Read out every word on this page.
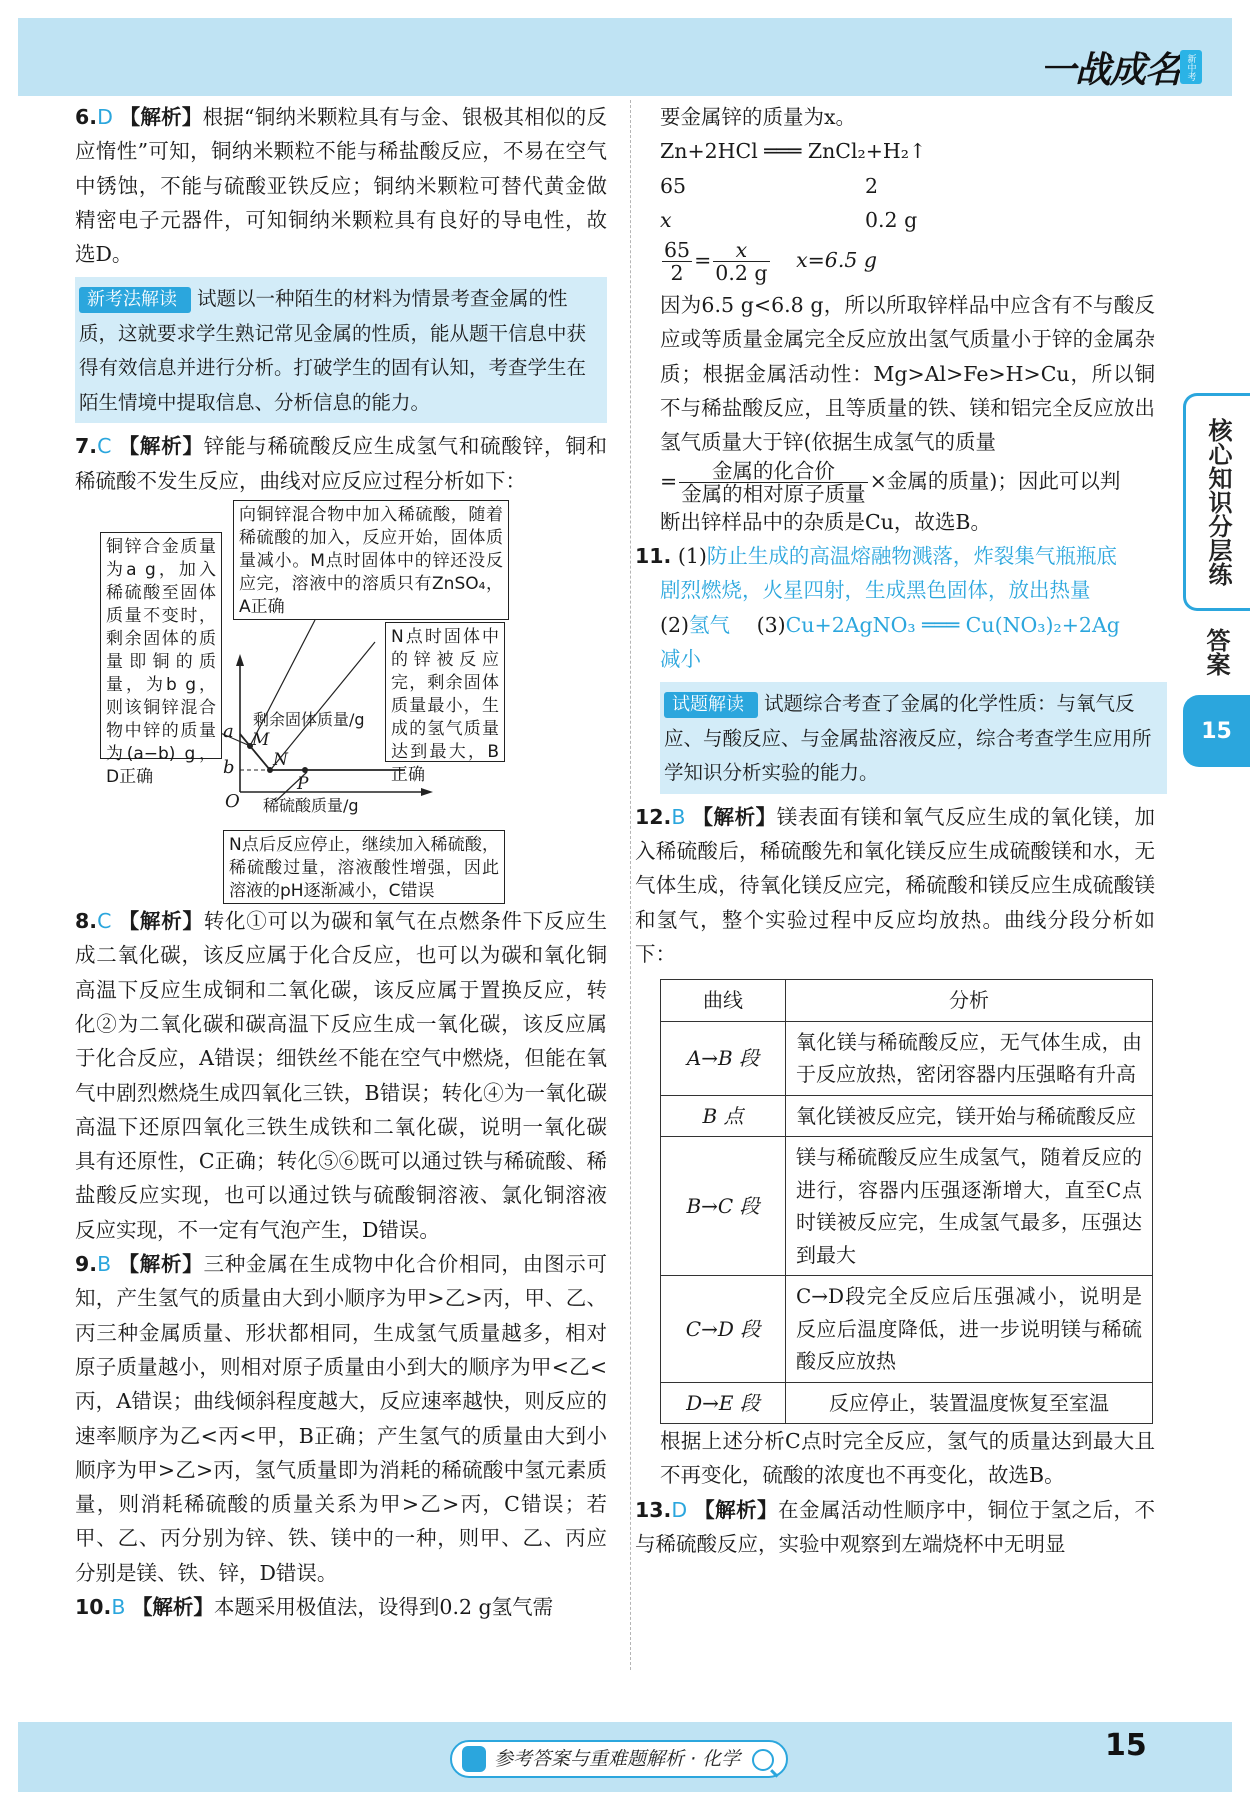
一战成名 新中考
6.D 【解析】根据“铜纳米颗粒具有与金、银极其相似的反应惰性”可知，铜纳米颗粒不能与稀盐酸反应，不易在空气中锈蚀，不能与硫酸亚铁反应；铜纳米颗粒可替代黄金做精密电子元器件，可知铜纳米颗粒具有良好的导电性，故选D。
新考法解读 试题以一种陌生的材料为情景考查金属的性质，这就要求学生熟记常见金属的性质，能从题干信息中获得有效信息并进行分析。打破学生的固有认知，考查学生在陌生情境中提取信息、分析信息的能力。
7.C 【解析】锌能与稀硫酸反应生成氢气和硫酸锌，铜和稀硫酸不发生反应，曲线对应反应过程分析如下：
a
b
O
M
N
P
剩余固体质量/g
稀硫酸质量/g
铜锌合金质量为a g，加入稀硫酸至固体质量不变时，剩余固体的质量即铜的质量，为b g，则该铜锌混合物中锌的质量为(a−b) g，D正确
向铜锌混合物中加入稀硫酸，随着稀硫酸的加入，反应开始，固体质量减小。M点时固体中的锌还没反应完，溶液中的溶质只有ZnSO₄，A正确
N点时固体中的锌被反应完，剩余固体质量最小，生成的氢气质量达到最大，B正确
N点后反应停止，继续加入稀硫酸，稀硫酸过量，溶液酸性增强，因此溶液的pH逐渐减小，C错误
8.C 【解析】转化①可以为碳和氧气在点燃条件下反应生成二氧化碳，该反应属于化合反应，也可以为碳和氧化铜高温下反应生成铜和二氧化碳，该反应属于置换反应，转化②为二氧化碳和碳高温下反应生成一氧化碳，该反应属于化合反应，A错误；细铁丝不能在空气中燃烧，但能在氧气中剧烈燃烧生成四氧化三铁，B错误；转化④为一氧化碳高温下还原四氧化三铁生成铁和二氧化碳，说明一氧化碳具有还原性，C正确；转化⑤⑥既可以通过铁与稀硫酸、稀盐酸反应实现，也可以通过铁与硫酸铜溶液、氯化铜溶液反应实现，不一定有气泡产生，D错误。
9.B 【解析】三种金属在生成物中化合价相同，由图示可知，产生氢气的质量由大到小顺序为甲>乙>丙，甲、乙、丙三种金属质量、形状都相同，生成氢气质量越多，相对原子质量越小，则相对原子质量由小到大的顺序为甲<乙<丙，A错误；曲线倾斜程度越大，反应速率越快，则反应的速率顺序为乙<丙<甲，B正确；产生氢气的质量由大到小顺序为甲>乙>丙，氢气质量即为消耗的稀硫酸中氢元素质量，则消耗稀硫酸的质量关系为甲>乙>丙，C错误；若甲、乙、丙分别为锌、铁、镁中的一种，则甲、乙、丙应分别是镁、铁、锌，D错误。
10.B 【解析】本题采用极值法，设得到0.2 g氢气需
要金属锌的质量为x。
Zn+2HCl ═══ ZnCl₂+H₂↑
65	2
x	0.2 g
$\frac{65}{2} = \frac{x}{0.2 g} x=6.5$ g
因为6.5 g<6.8 g，所以所取锌样品中应含有不与酸反应或等质量金属完全反应放出氢气质量小于锌的金属杂质；根据金属活动性：Mg>Al>Fe>H>Cu，所以铜不与稀盐酸反应，且等质量的铁、镁和铝完全反应放出氢气质量大于锌(依据生成氢气的质量
= $\frac{\text{金属的化合价}}{\text{金属的相对原子质量}}$ ×金属的质量)；因此可以判
断出锌样品中的杂质是Cu，故选B。
11. (1)防止生成的高温熔融物溅落，炸裂集气瓶瓶底
剧烈燃烧，火星四射，生成黑色固体，放出热量
(2)氢气 (3)Cu+2AgNO₃ ═══ Cu(NO₃)₂+2Ag
减小
试题解读 试题综合考查了金属的化学性质：与氧气反应、与酸反应、与金属盐溶液反应，综合考查学生应用所学知识分析实验的能力。
12.B 【解析】镁表面有镁和氧气反应生成的氧化镁，加入稀硫酸后，稀硫酸先和氧化镁反应生成硫酸镁和水，无气体生成，待氧化镁反应完，稀硫酸和镁反应生成硫酸镁和氢气，整个实验过程中反应均放热。曲线分段分析如下：
曲线	分析
A→B 段	氧化镁与稀硫酸反应，无气体生成，由于反应放热，密闭容器内压强略有升高
B 点	氧化镁被反应完，镁开始与稀硫酸反应
B→C 段	镁与稀硫酸反应生成氢气，随着反应的进行，容器内压强逐渐增大，直至C点时镁被反应完，生成氢气最多，压强达到最大
C→D 段	C→D段完全反应后压强减小，说明是反应后温度降低，进一步说明镁与稀硫酸反应放热
D→E 段	反应停止，装置温度恢复至室温
根据上述分析C点时完全反应，氢气的质量达到最大且不再变化，硫酸的浓度也不再变化，故选B。
13.D 【解析】在金属活动性顺序中，铜位于氢之后，不与稀硫酸反应，实验中观察到左端烧杯中无明显
核心知识分层练
答案
15
参考答案与重难题解析 · 化学	15
